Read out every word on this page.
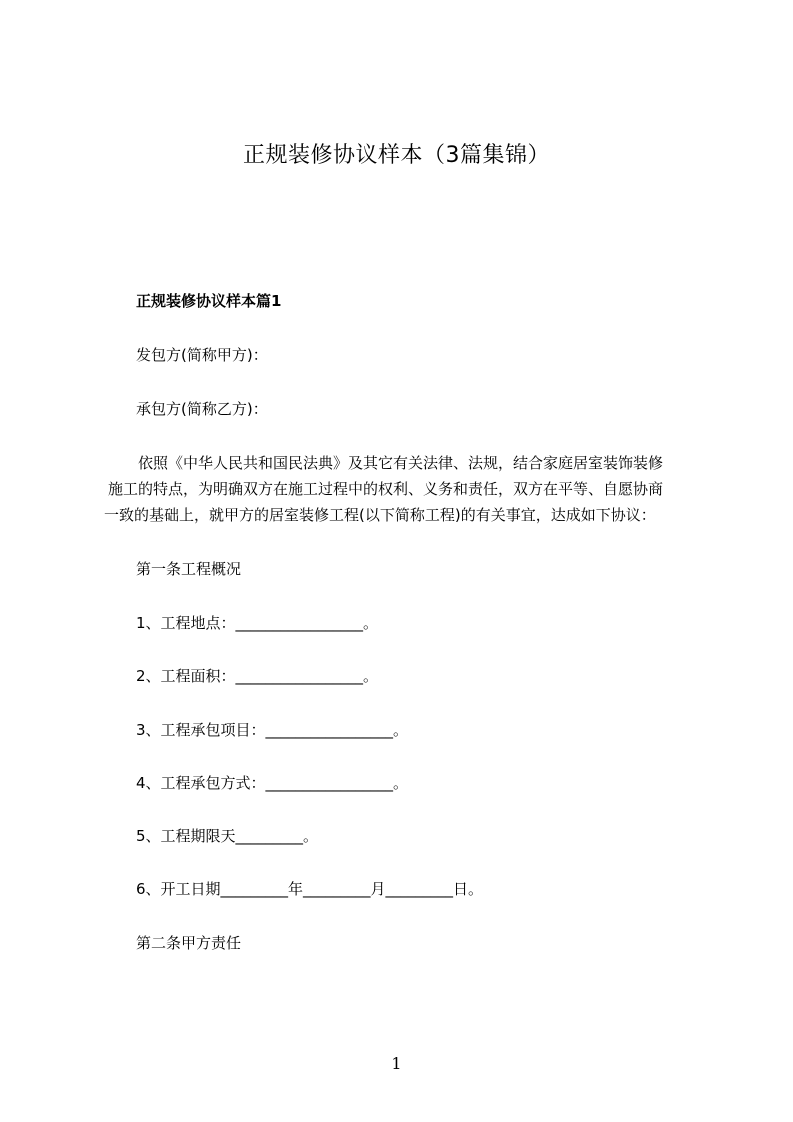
正规装修协议样本（3篇集锦）
正规装修协议样本篇1
发包方(简称甲方)：
承包方(简称乙方)：
依照《中华人民共和国民法典》及其它有关法律、法规，结合家庭居室装饰装修
施工的特点，为明确双方在施工过程中的权利、义务和责任，双方在平等、自愿协商
一致的基础上，就甲方的居室装修工程(以下简称工程)的有关事宜，达成如下协议：
第一条工程概况
1、工程地点：_________________。
2、工程面积：_________________。
3、工程承包项目：_________________。
4、工程承包方式：_________________。
5、工程期限天_________。
6、开工日期_________年_________月_________日。
第二条甲方责任
1
